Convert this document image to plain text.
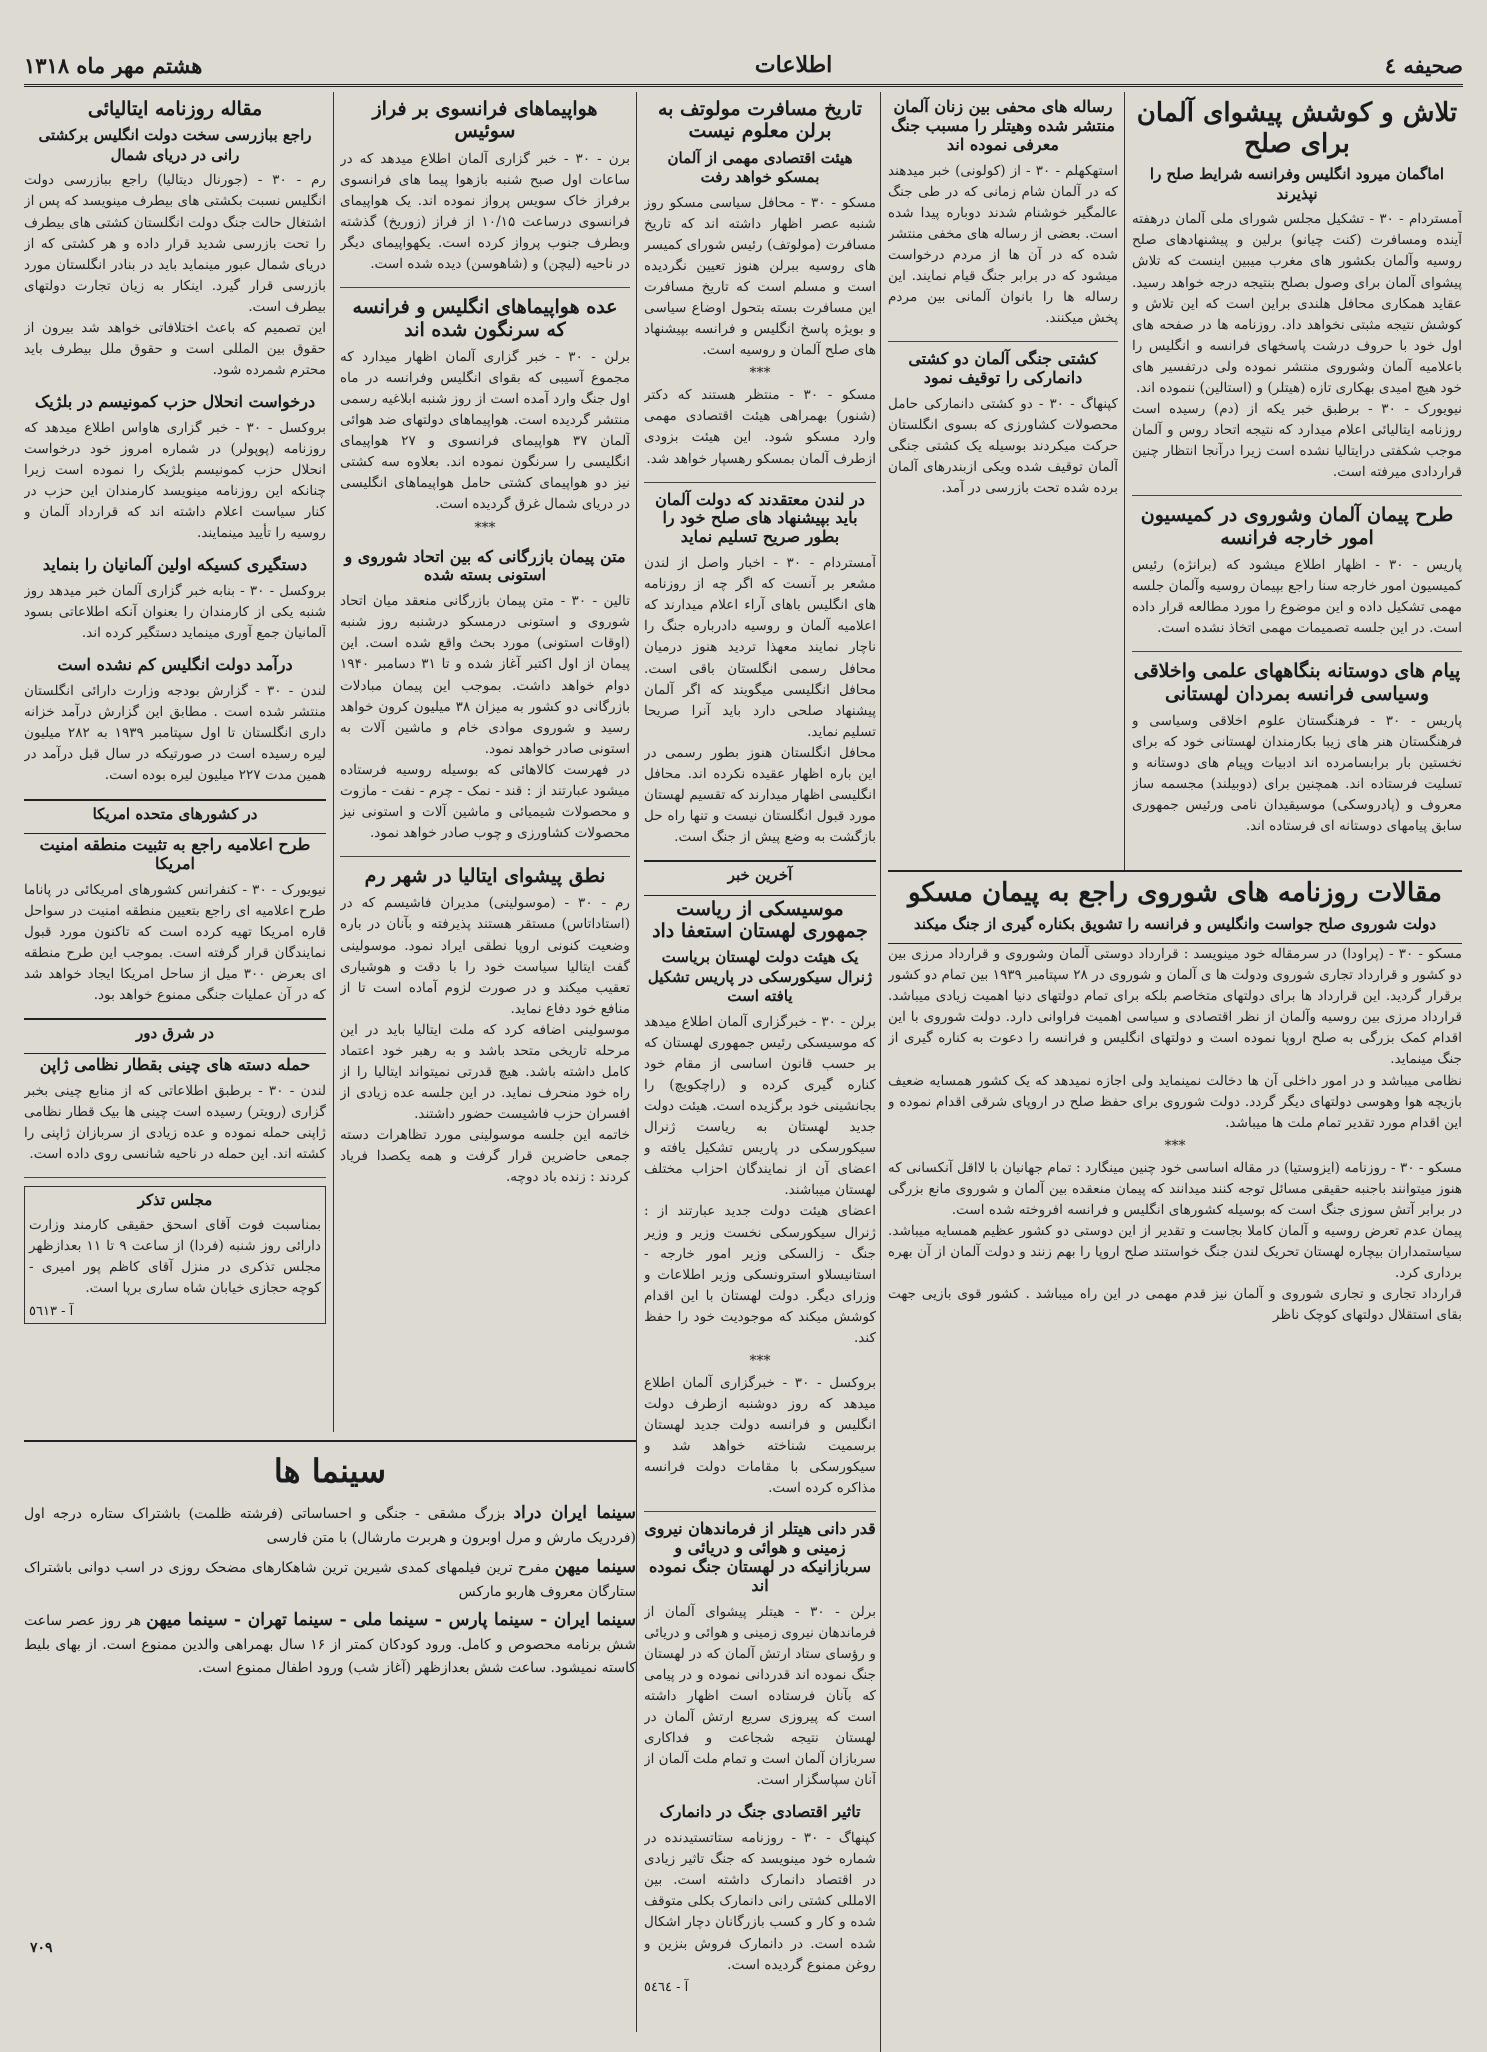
صحیفه ٤
اطلاعات
هشتم مهر ماه ۱۳۱۸
تلاش و کوشش پیشوای آلمان برای صلح
اماگمان میرود انگلیس وفرانسه شرایط صلح را نپذیرند

آمستردام - ۳۰ - تشکیل مجلس شورای ملی آلمان درهفته آینده ومسافرت (کنت چیانو) برلین و پیشنهادهای صلح روسیه وآلمان بکشور های مغرب میبین اینست که تلاش پیشوای آلمان برای وصول بصلح بنتیجه درجه خواهد رسید. عقاید همکاری محافل هلندی براین است که این تلاش و کوشش نتیجه مثبتی نخواهد داد. روزنامه ها در صفحه های اول خود با حروف درشت پاسخهای فرانسه و انگلیس را باعلامیه آلمان وشوروی منتشر نموده ولی درتفسیر های خود هیچ امیدی بهکاری تازه (هیتلر) و (استالین) ننموده اند.

نیویورک - ۳۰ - برطبق خبر یکه از (دم) رسیده است روزنامه ایتالیائی اعلام میدارد که نتیجه اتحاد روس و آلمان موجب شکفتی درایتالیا نشده است زیرا درآنجا انتظار چنین قراردادی میرفته است.

طرح پیمان آلمان وشوروی در کمیسیون امور خارجه فرانسه

پاریس - ۳۰ - اظهار اطلاع میشود که (برانژه) رئیس کمیسیون امور خارجه سنا راجع بپیمان روسیه وآلمان جلسه مهمی تشکیل داده و این موضوع را مورد مطالعه قرار داده است. در این جلسه تصمیمات مهمی اتخاذ نشده است.

پیام های دوستانه بنگاههای علمی واخلاقی وسیاسی فرانسه بمردان لهستانی

پاریس - ۳۰ - فرهنگستان علوم اخلاقی وسیاسی و فرهنگستان هنر های زیبا بکارمندان لهستانی خود که برای نخستین بار برابسامرده اند ادبیات وپیام های دوستانه و تسلیت فرستاده اند. همچنین برای (دوبیلند) مجسمه ساز معروف و (پادروسکی) موسیقیدان نامی ورئیس جمهوری سابق پیامهای دوستانه ای فرستاده اند.

رساله های محفی بین زنان آلمان منتشر شده وهیتلر را مسبب جنگ معرفی نموده اند

استهکهلم - ۳۰ - از (کولونی) خبر میدهند که در آلمان شام زمانی که در طی جنگ عالمگیر خوشنام شدند دوباره پیدا شده است. بعضی از رساله های مخفی منتشر شده که در آن ها از مردم درخواست میشود که در برابر جنگ قیام نمایند. این رساله ها را بانوان آلمانی بین مردم پخش میکنند.

کشتی جنگی آلمان دو کشتی دانمارکی را توقیف نمود

کپنهاگ - ۳۰ - دو کشتی دانمارکی حامل محصولات کشاورزی که بسوی انگلستان حرکت میکردند بوسیله یک کشتی جنگی آلمان توقیف شده ویکی ازبندرهای آلمان برده شده تحت بازرسی در آمد.

مقالات روزنامه های شوروی راجع به پیمان مسکو
دولت شوروی صلح جواست وانگلیس و فرانسه را تشویق بکناره گیری از جنگ میکند

مسکو - ۳۰ - (پراودا) در سرمقاله خود مینویسد : قرارداد دوستی آلمان وشوروی و قرارداد مرزی بین دو کشور و قرارداد تجاری شوروی ودولت ها ی آلمان و شوروی در ۲۸ سپتامبر ۱۹۳۹ بین تمام دو کشور برقرار گردید. این قرارداد ها برای دولتهای متخاصم بلکه برای تمام دولتهای دنیا اهمیت زیادی میباشد. قرارداد مرزی بین روسیه وآلمان از نظر اقتصادی و سیاسی اهمیت فراوانی دارد. دولت شوروی با این اقدام کمک بزرگی به صلح اروپا نموده است و دولتهای انگلیس و فرانسه را دعوت به کناره گیری از جنگ مینماید.

نظامی میباشد و در امور داخلی آن ها دخالت نمینماید ولی اجازه نمیدهد که یک کشور همسایه ضعیف بازیچه هوا وهوسی دولتهای دیگر گردد. دولت شوروی برای حفظ صلح در اروپای شرقی اقدام نموده و این اقدام مورد تقدیر تمام ملت ها میباشد.

***

مسکو - ۳۰ - روزنامه (ایزوستیا) در مقاله اساسی خود چنین مینگارد : تمام جهانیان با لااقل آنکسانی که هنوز میتوانند باجنبه حقیقی مسائل توجه کنند میدانند که پیمان منعقده بین آلمان و شوروی مانع بزرگی در برابر آتش سوزی جنگ است که بوسیله کشورهای انگلیس و فرانسه افروخته شده است.

پیمان عدم تعرض روسیه و آلمان کاملا بجاست و تقدیر از این دوستی دو کشور عظیم همسایه میباشد. سیاستمداران بیچاره لهستان تحریک لندن جنگ خواستند صلح اروپا را بهم زنند و دولت آلمان از آن بهره برداری کرد.

قرارداد تجاری و تجاری شوروی و آلمان نیز قدم مهمی در این راه میباشد . کشور قوی بازیی جهت بقای استقلال دولتهای کوچک ناظر

تاریخ مسافرت مولوتف به برلن معلوم نیست
هیئت اقتصادی مهمی از آلمان بمسکو خواهد رفت

مسکو - ۳۰ - محافل سیاسی مسکو روز شنبه عصر اظهار داشته اند که تاریخ مسافرت (مولوتف) رئیس شورای کمیسر های روسیه ببرلن هنوز تعیین نگردیده است و مسلم است که تاریخ مسافرت این مسافرت بسته بتحول اوضاع سیاسی و بویژه پاسخ انگلیس و فرانسه بپیشنهاد های صلح آلمان و روسیه است.

***

مسکو - ۳۰ - منتظر هستند که دکتر (شنور) بهمراهی هیئت اقتصادی مهمی وارد مسکو شود. این هیئت بزودی ازطرف آلمان بمسکو رهسپار خواهد شد.

در لندن معتقدند که دولت آلمان باید بپیشنهاد های صلح خود را بطور صریح تسلیم نماید

آمستردام - ۳۰ - اخبار واصل از لندن مشعر بر آنست که اگر چه از روزنامه های انگلیس باهای آراء اعلام میدارند که اعلامیه آلمان و روسیه دادرباره جنگ را ناچار نمایند معهذا تردید هنوز درمیان محافل رسمی انگلستان باقی است. محافل انگلیسی میگویند که اگر آلمان پیشنهاد صلحی دارد باید آنرا صریحا تسلیم نماید.

محافل انگلستان هنوز بطور رسمی در این باره اظهار عقیده نکرده اند. محافل انگلیسی اظهار میدارند که تقسیم لهستان مورد قبول انگلستان نیست و تنها راه حل بازگشت به وضع پیش از جنگ است.

آخرین خبر
موسیسکی از ریاست جمهوری لهستان استعفا داد
یک هیئت دولت لهستان بریاست ژنرال سیکورسکی در پاریس تشکیل یافته است

برلن - ۳۰ - خبرگزاری آلمان اطلاع میدهد که موسیسکی رئیس جمهوری لهستان که بر حسب قانون اساسی از مقام خود کناره گیری کرده و (راچکویچ) را بجانشینی خود برگزیده است. هیئت دولت جدید لهستان به ریاست ژنرال سیکورسکی در پاریس تشکیل یافته و اعضای آن از نمایندگان احزاب مختلف لهستان میباشند.

اعضای هیئت دولت جدید عبارتند از : ژنرال سیکورسکی نخست وزیر و وزیر جنگ - زالسکی وزیر امور خارجه - استانیسلاو استرونسکی وزیر اطلاعات و وزرای دیگر. دولت لهستان با این اقدام کوشش میکند که موجودیت خود را حفظ کند.

***

بروکسل - ۳۰ - خبرگزاری آلمان اطلاع میدهد که روز دوشنبه ازطرف دولت انگلیس و فرانسه دولت جدید لهستان برسمیت شناخته خواهد شد و سیکورسکی با مقامات دولت فرانسه مذاکره کرده است.

قدر دانی هیتلر از فرماندهان نیروی زمینی و هوائی و دریائی و سربازانیکه در لهستان جنگ نموده اند

برلن - ۳۰ - هیتلر پیشوای آلمان از فرماندهان نیروی زمینی و هوائی و دریائی و رؤسای ستاد ارتش آلمان که در لهستان جنگ نموده اند قدردانی نموده و در پیامی که بآنان فرستاده است اظهار داشته است که پیروزی سریع ارتش آلمان در لهستان نتیجه شجاعت و فداکاری سربازان آلمان است و تمام ملت آلمان از آنان سپاسگزار است.

تاثیر اقتصادی جنگ در دانمارک

کپنهاگ - ۳۰ - روزنامه ستاتستیدنده در شماره خود مینویسد که جنگ تاثیر زیادی در اقتصاد دانمارک داشته است. بین الامللی کشتی رانی دانمارک بکلی متوقف شده و کار و کسب بازرگانان دچار اشکال شده است. در دانمارک فروش بنزین و روغن ممنوع گردیده است.

آ - ٥٤٦٤
هواپیماهای فرانسوی بر فراز سوئیس

برن - ۳۰ - خبر گزاری آلمان اطلاع میدهد که در ساعات اول صبح شنبه بازهوا پیما های فرانسوی برفراز خاک سویس پرواز نموده اند. یک هواپیمای فرانسوی درساعت ۱۰/۱۵ از فراز (زوریخ) گذشته وبطرف جنوب پرواز کرده است. یکهواپیمای دیگر در ناحیه (لیچن) و (شاهوسن) دیده شده است.

عده هواپیماهای انگلیس و فرانسه که سرنگون شده اند

برلن - ۳۰ - خبر گزاری آلمان اظهار میدارد که مجموع آسیبی که بقوای انگلیس وفرانسه در ماه اول جنگ وارد آمده است از روز شنبه ابلاغیه رسمی منتشر گردیده است. هواپیماهای دولتهای ضد هوائی آلمان ۳۷ هواپیمای فرانسوی و ۲۷ هواپیمای انگلیسی را سرنگون نموده اند. بعلاوه سه کشتی نیز دو هواپیمای کشتی حامل هواپیماهای انگلیسی در دریای شمال غرق گردیده است.

***
متن پیمان بازرگانی که بین اتحاد شوروی و استونی بسته شده

تالین - ۳۰ - متن پیمان بازرگانی منعقد میان اتحاد شوروی و استونی درمسکو درشنبه روز شنبه (اوقات استونی) مورد بحث واقع شده است. این پیمان از اول اکتبر آغاز شده و تا ۳۱ دسامبر ۱۹۴۰ دوام خواهد داشت. بموجب این پیمان مبادلات بازرگانی دو کشور به میزان ۳۸ میلیون کرون خواهد رسید و شوروی موادی خام و ماشین آلات به استونی صادر خواهد نمود.

در فهرست کالاهائی که بوسیله روسیه فرستاده میشود عبارتند از : قند - نمک - چرم - نفت - مازوت و محصولات شیمیائی و ماشین آلات و استونی نیز محصولات کشاورزی و چوب صادر خواهد نمود.

نطق پیشوای ایتالیا در شهر رم

رم - ۳۰ - (موسولینی) مدیران فاشیسم که در (استاداتاس) مستقر هستند پذیرفته و بآنان در باره وضعیت کنونی اروپا نطقی ایراد نمود. موسولینی گفت ایتالیا سیاست خود را با دقت و هوشیاری تعقیب میکند و در صورت لزوم آماده است تا از منافع خود دفاع نماید.

موسولینی اضافه کرد که ملت ایتالیا باید در این مرحله تاریخی متحد باشد و به رهبر خود اعتماد کامل داشته باشد. هیچ قدرتی نمیتواند ایتالیا را از راه خود منحرف نماید. در این جلسه عده زیادی از افسران حزب فاشیست حضور داشتند.

خاتمه این جلسه موسولینی مورد تظاهرات دسته جمعی حاضرین قرار گرفت و همه یکصدا فریاد کردند : زنده باد دوچه.

مقاله روزنامه ایتالیائی
راجع ببازرسی سخت دولت انگلیس برکشتی رانی در دریای شمال

رم - ۳۰ - (جورنال دیتالیا) راجع ببازرسی دولت انگلیس نسبت بکشتی های بیطرف مینویسد که پس از اشتغال حالت جنگ دولت انگلستان کشتی های بیطرف را تحت بازرسی شدید قرار داده و هر کشتی که از دریای شمال عبور مینماید باید در بنادر انگلستان مورد بازرسی قرار گیرد. اینکار به زیان تجارت دولتهای بیطرف است.

این تصمیم که باعث اختلافاتی خواهد شد بیرون از حقوق بین المللی است و حقوق ملل بیطرف باید محترم شمرده شود.

درخواست انحلال حزب کمونیسم در بلژیک

بروکسل - ۳۰ - خبر گزاری هاواس اطلاع میدهد که روزنامه (پوپولر) در شماره امروز خود درخواست انحلال حزب کمونیسم بلژیک را نموده است زیرا چنانکه این روزنامه مینویسد کارمندان این حزب در کنار سیاست اعلام داشته اند که قرارداد آلمان و روسیه را تأیید مینمایند.

دستگیری کسیکه اولین آلمانیان را بنماید

بروکسل - ۳۰ - بنابه خبر گزاری آلمان خبر میدهد روز شنبه یکی از کارمندان را بعنوان آنکه اطلاعاتی بسود آلمانیان جمع آوری مینماید دستگیر کرده اند.

درآمد دولت انگلیس کم نشده است

لندن - ۳۰ - گزارش بودجه وزارت دارائی انگلستان منتشر شده است . مطابق این گزارش درآمد خزانه داری انگلستان تا اول سپتامبر ۱۹۳۹ به ۲۸۲ میلیون لیره رسیده است در صورتیکه در سال قبل درآمد در همین مدت ۲۲۷ میلیون لیره بوده است.

در کشورهای متحده امریکا
طرح اعلامیه راجع به تثبیت منطقه امنیت امریکا

نیویورک - ۳۰ - کنفرانس کشورهای امریکائی در پاناما طرح اعلامیه ای راجع بتعیین منطقه امنیت در سواحل قاره امریکا تهیه کرده است که تاکنون مورد قبول نمایندگان قرار گرفته است. بموجب این طرح منطقه ای بعرض ۳۰۰ میل از ساحل امریکا ایجاد خواهد شد که در آن عملیات جنگی ممنوع خواهد بود.

در شرق دور
حمله دسته های چینی بقطار نظامی ژاپن

لندن - ۳۰ - برطبق اطلاعاتی که از منابع چینی بخبر گزاری (رویتر) رسیده است چینی ها بیک قطار نظامی ژاپنی حمله نموده و عده زیادی از سربازان ژاپنی را کشته اند. این حمله در ناحیه شانسی روی داده است.

مجلس تذکر

بمناسبت فوت آقای اسحق حقیقی کارمند وزارت دارائی روز شنبه (فردا) از ساعت ۹ تا ۱۱ بعدازظهر مجلس تذکری در منزل آقای کاظم پور امیری - کوچه حجازی خیابان شاه ساری برپا است.

آ - ٥٦١٣
سینما ها

سینما ایران دراد بزرگ مشقی - جنگی و احساساتی (فرشته ظلمت) باشتراک ستاره درجه اول (فردریک مارش و مرل اوبرون و هربرت مارشال) با متن فارسی

سینما میهن مفرح ترین فیلمهای کمدی شیرین ترین شاهکارهای مضحک روزی در اسب دوانی باشتراک ستارگان معروف هاربو مارکس

سینما ایران - سینما پارس - سینما ملی - سینما تهران - سینما میهن هر روز عصر ساعت شش برنامه محصوص و کامل. ورود کودکان کمتر از ۱۶ سال بهمراهی والدین ممنوع است. از بهای بلیط کاسته نمیشود. ساعت شش بعدازظهر (آغاز شب) ورود اطفال ممنوع است.

۷۰۹
